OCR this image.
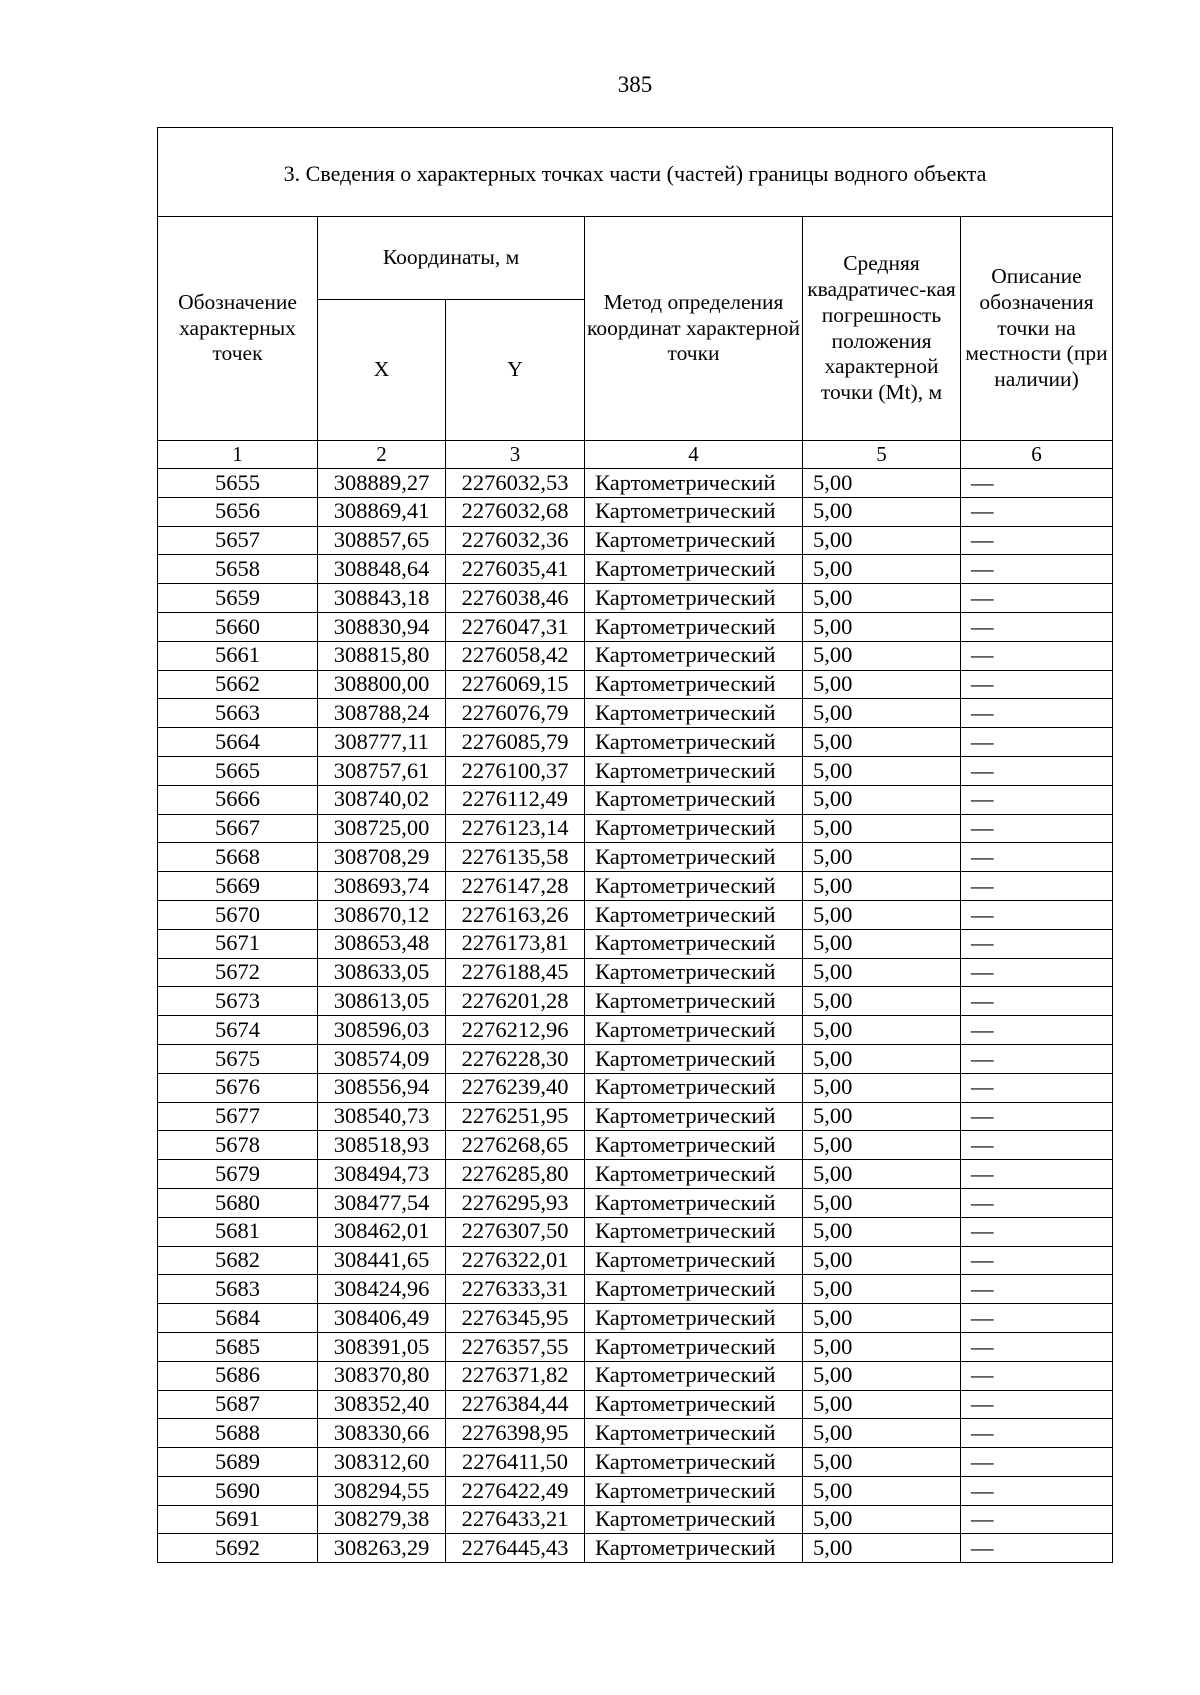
385
3. Сведения о характерных точках части (частей) границы водного объекта					
Обозначение характерных точек	Координаты, м		Метод определения координат характерной точки	Средняя квадратичес-кая погрешность положения характерной точки (Mt), м	Описание обозначения точки на местности (при наличии)
	X	Y			
1	2	3	4	5	6
5655	308889,27	2276032,53	Картометрический	5,00	—
5656	308869,41	2276032,68	Картометрический	5,00	—
5657	308857,65	2276032,36	Картометрический	5,00	—
5658	308848,64	2276035,41	Картометрический	5,00	—
5659	308843,18	2276038,46	Картометрический	5,00	—
5660	308830,94	2276047,31	Картометрический	5,00	—
5661	308815,80	2276058,42	Картометрический	5,00	—
5662	308800,00	2276069,15	Картометрический	5,00	—
5663	308788,24	2276076,79	Картометрический	5,00	—
5664	308777,11	2276085,79	Картометрический	5,00	—
5665	308757,61	2276100,37	Картометрический	5,00	—
5666	308740,02	2276112,49	Картометрический	5,00	—
5667	308725,00	2276123,14	Картометрический	5,00	—
5668	308708,29	2276135,58	Картометрический	5,00	—
5669	308693,74	2276147,28	Картометрический	5,00	—
5670	308670,12	2276163,26	Картометрический	5,00	—
5671	308653,48	2276173,81	Картометрический	5,00	—
5672	308633,05	2276188,45	Картометрический	5,00	—
5673	308613,05	2276201,28	Картометрический	5,00	—
5674	308596,03	2276212,96	Картометрический	5,00	—
5675	308574,09	2276228,30	Картометрический	5,00	—
5676	308556,94	2276239,40	Картометрический	5,00	—
5677	308540,73	2276251,95	Картометрический	5,00	—
5678	308518,93	2276268,65	Картометрический	5,00	—
5679	308494,73	2276285,80	Картометрический	5,00	—
5680	308477,54	2276295,93	Картометрический	5,00	—
5681	308462,01	2276307,50	Картометрический	5,00	—
5682	308441,65	2276322,01	Картометрический	5,00	—
5683	308424,96	2276333,31	Картометрический	5,00	—
5684	308406,49	2276345,95	Картометрический	5,00	—
5685	308391,05	2276357,55	Картометрический	5,00	—
5686	308370,80	2276371,82	Картометрический	5,00	—
5687	308352,40	2276384,44	Картометрический	5,00	—
5688	308330,66	2276398,95	Картометрический	5,00	—
5689	308312,60	2276411,50	Картометрический	5,00	—
5690	308294,55	2276422,49	Картометрический	5,00	—
5691	308279,38	2276433,21	Картометрический	5,00	—
5692	308263,29	2276445,43	Картометрический	5,00	—
